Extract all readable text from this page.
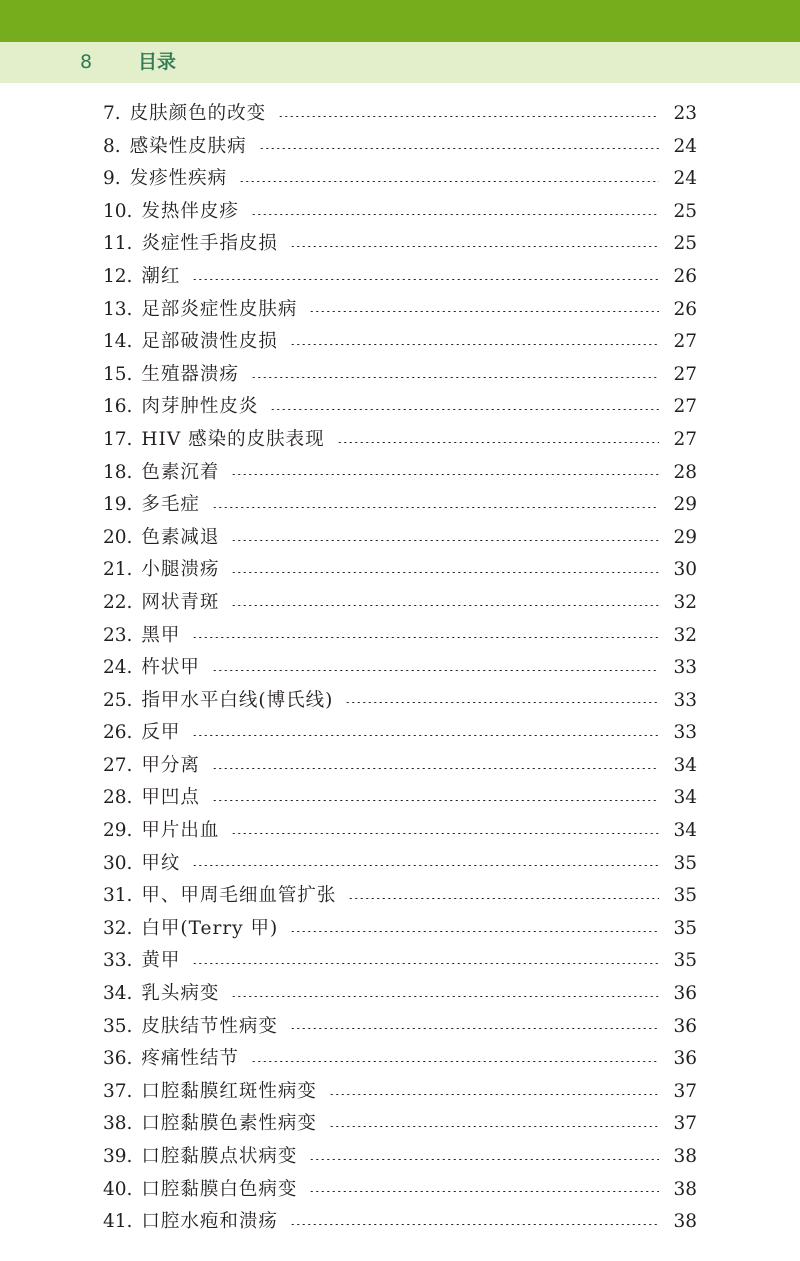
8 目录
7. 皮肤颜色的改变	23
8. 感染性皮肤病	24
9. 发疹性疾病	24
10. 发热伴皮疹	25
11. 炎症性手指皮损	25
12. 潮红	26
13. 足部炎症性皮肤病	26
14. 足部破溃性皮损	27
15. 生殖器溃疡	27
16. 肉芽肿性皮炎	27
17. HIV 感染的皮肤表现	27
18. 色素沉着	28
19. 多毛症	29
20. 色素减退	29
21. 小腿溃疡	30
22. 网状青斑	32
23. 黑甲	32
24. 杵状甲	33
25. 指甲水平白线(博氏线)	33
26. 反甲	33
27. 甲分离	34
28. 甲凹点	34
29. 甲片出血	34
30. 甲纹	35
31. 甲、甲周毛细血管扩张	35
32. 白甲(Terry 甲)	35
33. 黄甲	35
34. 乳头病变	36
35. 皮肤结节性病变	36
36. 疼痛性结节	36
37. 口腔黏膜红斑性病变	37
38. 口腔黏膜色素性病变	37
39. 口腔黏膜点状病变	38
40. 口腔黏膜白色病变	38
41. 口腔水疱和溃疡	38
